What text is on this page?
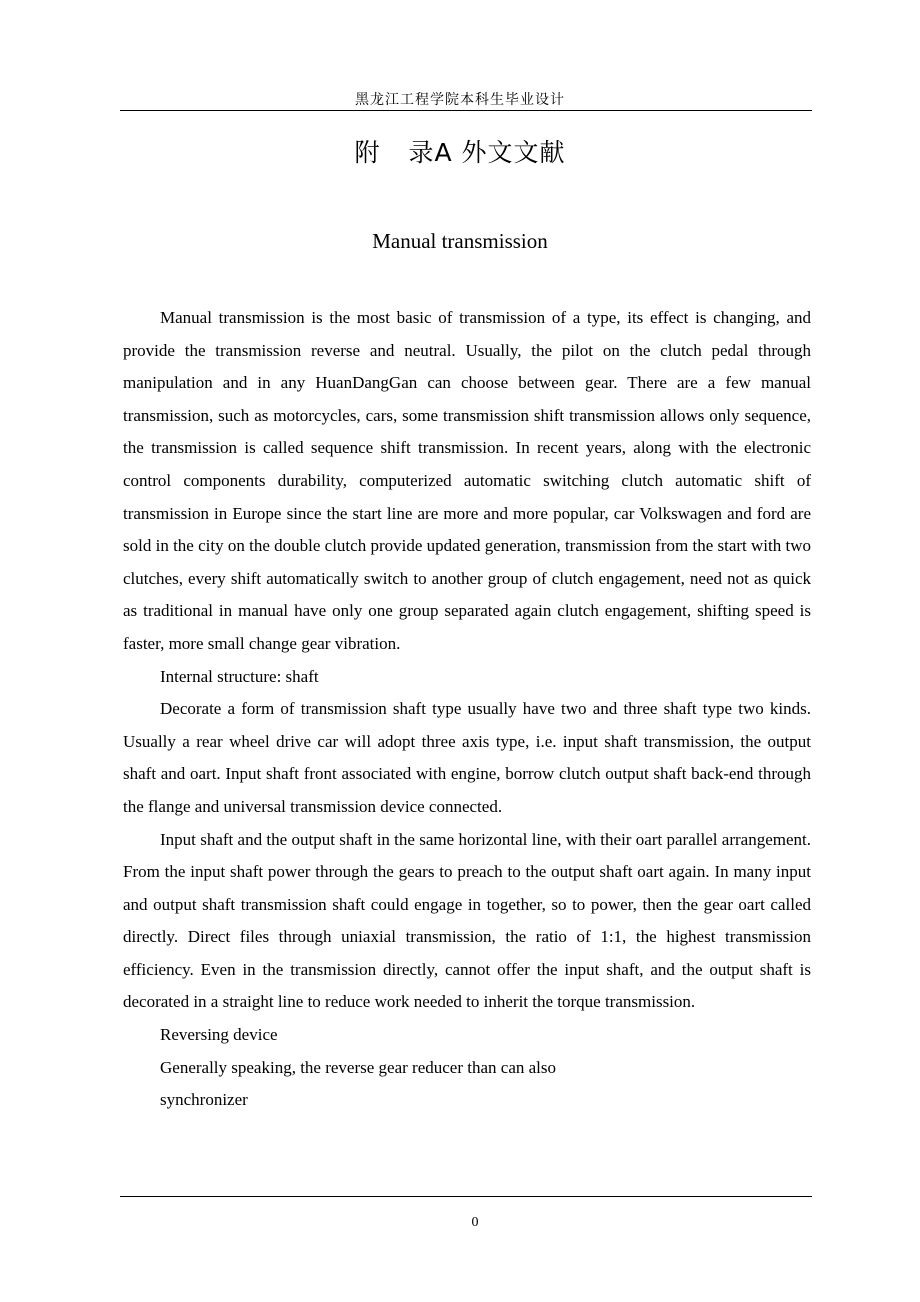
黑龙江工程学院本科生毕业设计
附 录A 外文文献
Manual transmission

Manual transmission is the most basic of transmission of a type, its effect is changing, and provide the transmission reverse and neutral. Usually, the pilot on the clutch pedal through manipulation and in any HuanDangGan can choose between gear. There are a few manual transmission, such as motorcycles, cars, some transmission shift transmission allows only sequence, the transmission is called sequence shift transmission. In recent years, along with the electronic control components durability, computerized automatic switching clutch automatic shift of transmission in Europe since the start line are more and more popular, car Volkswagen and ford are sold in the city on the double clutch provide updated generation, transmission from the start with two clutches, every shift automatically switch to another group of clutch engagement, need not as quick as traditional in manual have only one group separated again clutch engagement, shifting speed is faster, more small change gear vibration.

Internal structure: shaft

Decorate a form of transmission shaft type usually have two and three shaft type two kinds. Usually a rear wheel drive car will adopt three axis type, i.e. input shaft transmission, the output shaft and oart. Input shaft front associated with engine, borrow clutch output shaft back-end through the flange and universal transmission device connected.

Input shaft and the output shaft in the same horizontal line, with their oart parallel arrangement. From the input shaft power through the gears to preach to the output shaft oart again. In many input and output shaft transmission shaft could engage in together, so to power, then the gear oart called directly. Direct files through uniaxial transmission, the ratio of 1:1, the highest transmission efficiency. Even in the transmission directly, cannot offer the input shaft, and the output shaft is decorated in a straight line to reduce work needed to inherit the torque transmission.

Reversing device

Generally speaking, the reverse gear reducer than can also

synchronizer

0
